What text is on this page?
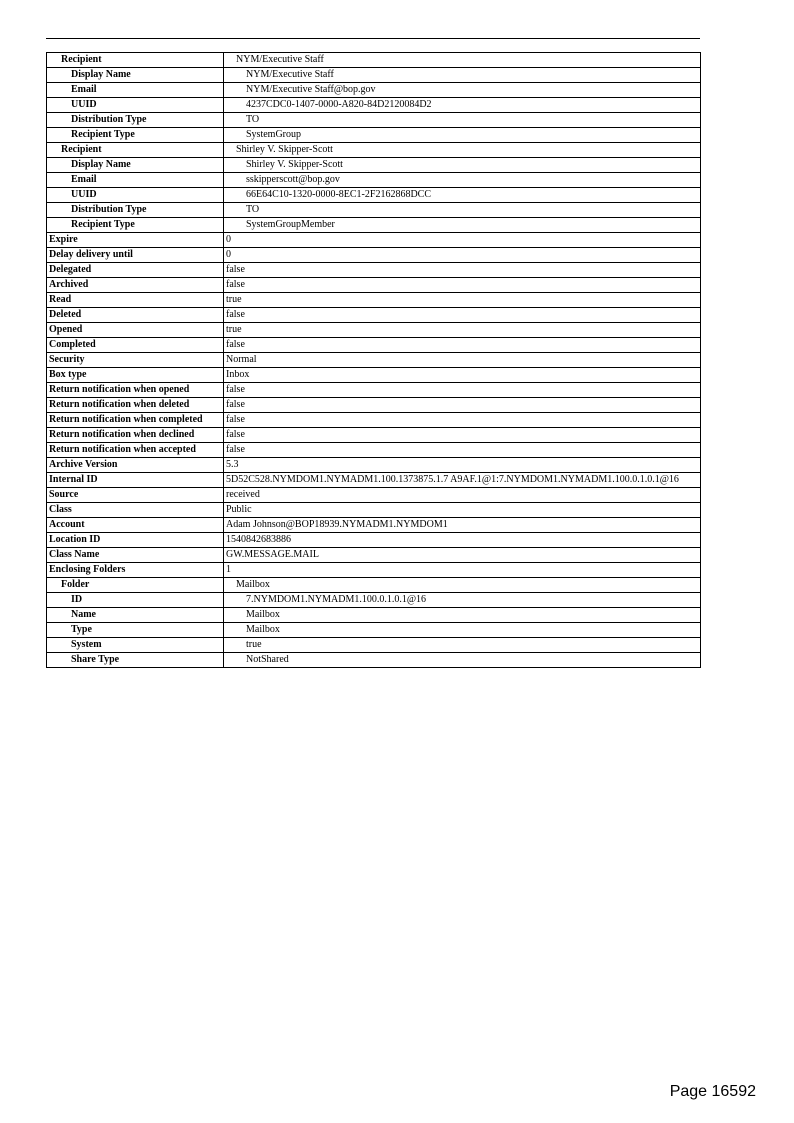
Recipient	NYM/Executive Staff
Display Name	NYM/Executive Staff
Email	NYM/Executive Staff@bop.gov
UUID	4237CDC0-1407-0000-A820-84D2120084D2
Distribution Type	TO
Recipient Type	SystemGroup
Recipient	Shirley V. Skipper-Scott
Display Name	Shirley V. Skipper-Scott
Email	sskipperscott@bop.gov
UUID	66E64C10-1320-0000-8EC1-2F2162868DCC
Distribution Type	TO
Recipient Type	SystemGroupMember
Expire	0
Delay delivery until	0
Delegated	false
Archived	false
Read	true
Deleted	false
Opened	true
Completed	false
Security	Normal
Box type	Inbox
Return notification when opened	false
Return notification when deleted	false
Return notification when completed	false
Return notification when declined	false
Return notification when accepted	false
Archive Version	5.3
Internal ID	5D52C528.NYMDOM1.NYMADM1.100.1373875.1.7 A9AF.1@1:7.NYMDOM1.NYMADM1.100.0.1.0.1@16
Source	received
Class	Public
Account	Adam Johnson@BOP18939.NYMADM1.NYMDOM1
Location ID	1540842683886
Class Name	GW.MESSAGE.MAIL
Enclosing Folders	1
Folder	Mailbox
ID	7.NYMDOM1.NYMADM1.100.0.1.0.1@16
Name	Mailbox
Type	Mailbox
System	true
Share Type	NotShared
Page 16592
